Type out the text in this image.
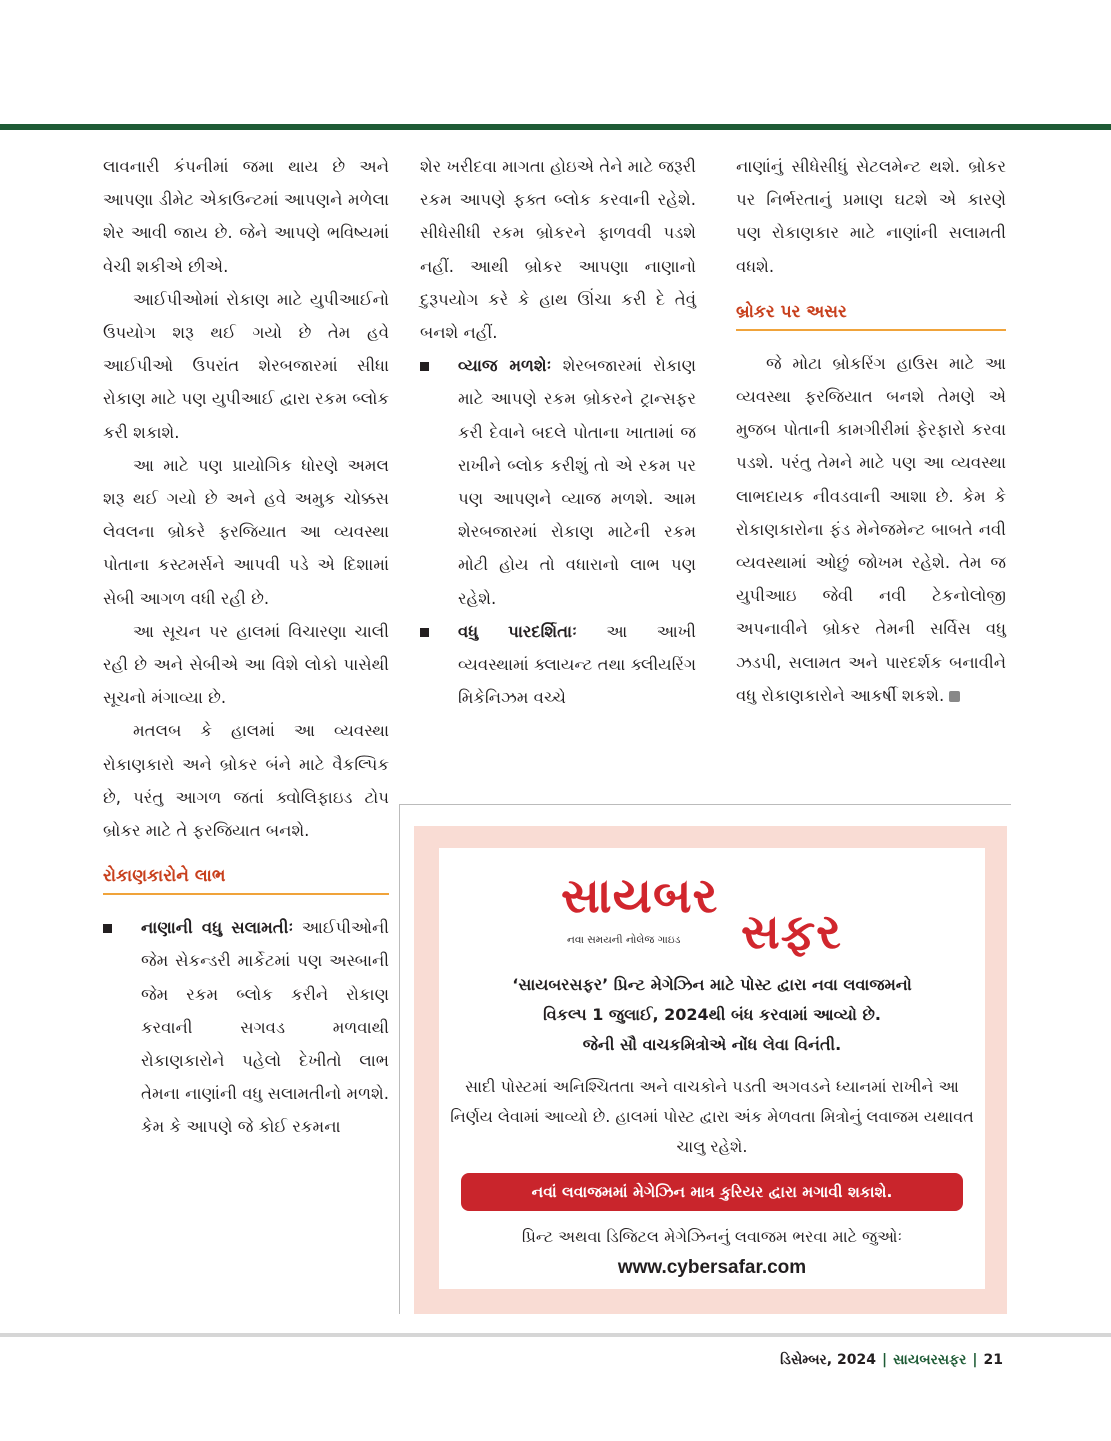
લાવનારી કંપનીમાં જમા થાય છે અને આપણા ડીમેટ એકાઉન્ટમાં આપણને મળેલા શેર આવી જાય છે. જેને આપણે ભવિષ્યમાં વેચી શકીએ છીએ.

આઈપીઓમાં રોકાણ માટે યુપીઆઈનો ઉપયોગ શરૂ થઈ ગયો છે તેમ હવે આઈપીઓ ઉપરાંત શેરબજારમાં સીધા રોકાણ માટે પણ યુપીઆઈ દ્વારા રકમ બ્લોક કરી શકાશે.

આ માટે પણ પ્રાયોગિક ધોરણે અમલ શરૂ થઈ ગયો છે અને હવે અમુક ચોક્કસ લેવલના બ્રોકરે ફરજિયાત આ વ્યવસ્થા પોતાના કસ્ટમર્સને આપવી પડે એ દિશામાં સેબી આગળ વધી રહી છે.

આ સૂચન પર હાલમાં વિચારણા ચાલી રહી છે અને સેબીએ આ વિશે લોકો પાસેથી સૂચનો મંગાવ્યા છે.

મતલબ કે હાલમાં આ વ્યવસ્થા રોકાણકારો અને બ્રોકર બંને માટે વૈકલ્પિક છે, પરંતુ આગળ જતાં ક્વોલિફાઇડ ટોપ બ્રોકર માટે તે ફરજિયાત બનશે.

રોકાણકારોને લાભ

નાણાની વધુ સલામતીઃ આઈપીઓની જેમ સેકન્ડરી માર્કેટમાં પણ અસ્બાની જેમ રકમ બ્લોક કરીને રોકાણ કરવાની સગવડ મળવાથી રોકાણકારોને પહેલો દેખીતો લાભ તેમના નાણાંની વધુ સલામતીનો મળશે. કેમ કે આપણે જે કોઈ રકમના

શેર ખરીદવા માગતા હોઇએ તેને માટે જરૂરી રકમ આપણે ફક્ત બ્લોક કરવાની રહેશે. સીધેસીધી રકમ બ્રોકરને ફાળવવી પડશે નહીં. આથી બ્રોકર આપણા નાણાનો દુરૂપયોગ કરે કે હાથ ઊંચા કરી દે તેવું બનશે નહીં.

વ્યાજ મળશેઃ શેરબજારમાં રોકાણ માટે આપણે રકમ બ્રોકરને ટ્રાન્સફર કરી દેવાને બદલે પોતાના ખાતામાં જ રાખીને બ્લોક કરીશું તો એ રકમ પર પણ આપણને વ્યાજ મળશે. આમ શેરબજારમાં રોકાણ માટેની રકમ મોટી હોય તો વધારાનો લાભ પણ રહેશે.

વધુ પારદર્શિતાઃ આ આખી વ્યવસ્થામાં ક્લાયન્ટ તથા ક્લીયરિંગ મિકેનિઝમ વચ્ચે

નાણાંનું સીધેસીધું સેટલમેન્ટ થશે. બ્રોકર પર નિર્ભરતાનું પ્રમાણ ઘટશે એ કારણે પણ રોકાણકાર માટે નાણાંની સલામતી વધશે.

બ્રોકર પર અસર

જે મોટા બ્રોકરિંગ હાઉસ માટે આ વ્યવસ્થા ફરજિયાત બનશે તેમણે એ મુજબ પોતાની કામગીરીમાં ફેરફારો કરવા પડશે. પરંતુ તેમને માટે પણ આ વ્યવસ્થા લાભદાયક નીવડવાની આશા છે. કેમ કે રોકાણકારોના ફંડ મેનેજમેન્ટ બાબતે નવી વ્યવસ્થામાં ઓછું જોખમ રહેશે. તેમ જ યુપીઆઇ જેવી નવી ટેકનોલોજી અપનાવીને બ્રોકર તેમની સર્વિસ વધુ ઝડપી, સલામત અને પારદર્શક બનાવીને વધુ રોકાણકારોને આકર્ષી શકશે.

સાયબર
સફર
નવા સમયની નોલેજ ગાઇડ
‘સાયબરસફર’ પ્રિન્ટ મેગેઝિન માટે પોસ્ટ દ્વારા નવા લવાજમનો
વિકલ્પ 1 જુલાઈ, 2024થી બંધ કરવામાં આવ્યો છે.
જેની સૌ વાચકમિત્રોએ નોંધ લેવા વિનંતી.
સાદી પોસ્ટમાં અનિશ્ચિતતા અને વાચકોને પડતી અગવડને ધ્યાનમાં રાખીને આ નિર્ણય લેવામાં આવ્યો છે. હાલમાં પોસ્ટ દ્વારા અંક મેળવતા મિત્રોનું લવાજમ યથાવત ચાલુ રહેશે.
નવાં લવાજમમાં મેગેઝિન માત્ર કુરિયર દ્વારા મગાવી શકાશે.
પ્રિન્ટ અથવા ડિજિટલ મેગેઝિનનું લવાજમ ભરવા માટે જુઓઃ
www.cybersafar.com
ડિસેમ્બર, 2024 | સાયબરસફર | 21
